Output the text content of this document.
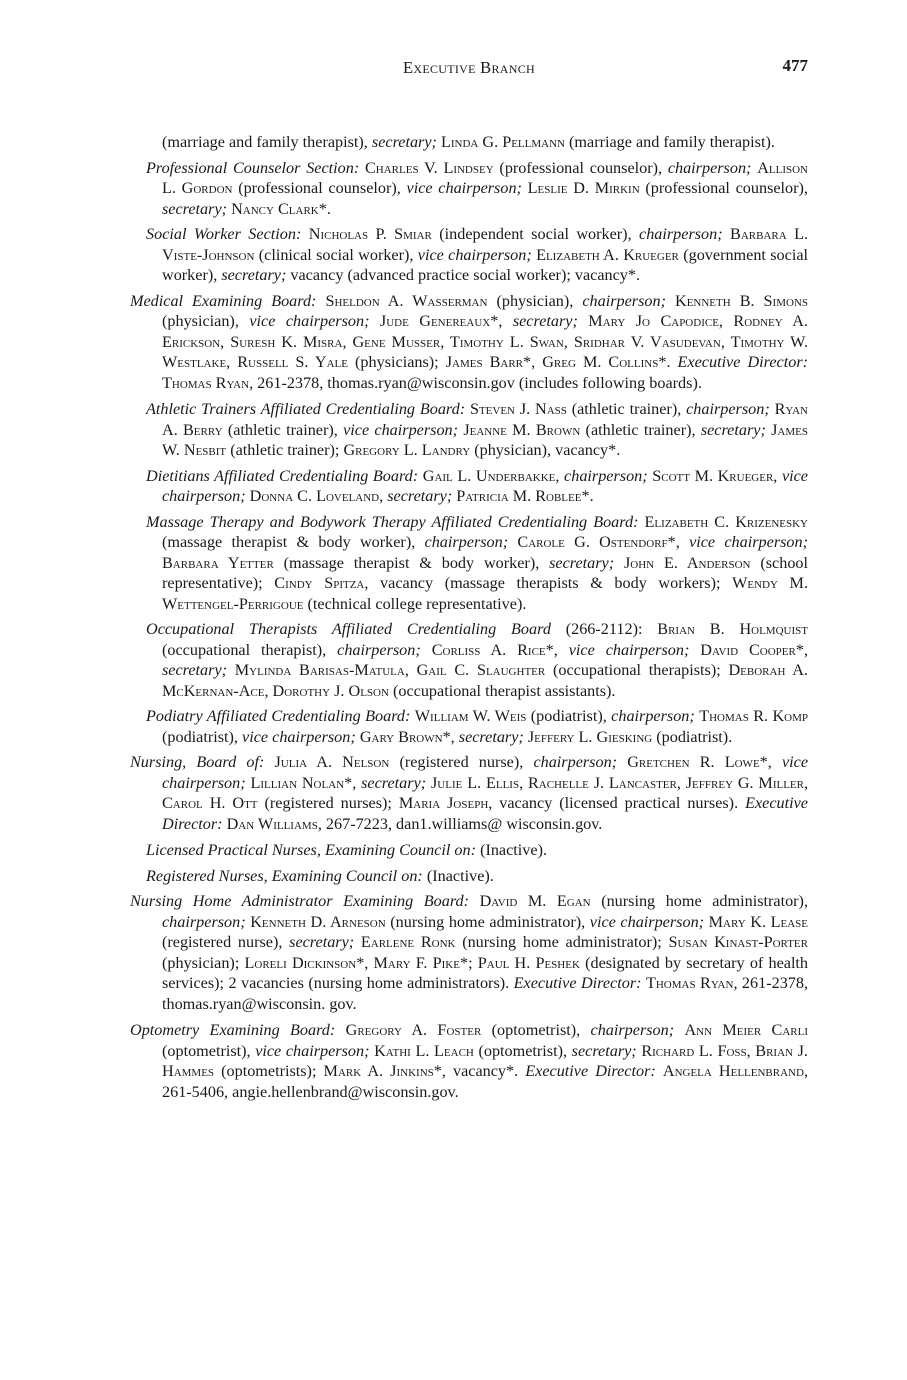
Executive Branch	477

(marriage and family therapist), secretary; Linda G. Pellmann (marriage and family therapist).

Professional Counselor Section: Charles V. Lindsey (professional counselor), chairperson; Allison L. Gordon (professional counselor), vice chairperson; Leslie D. Mirkin (professional counselor), secretary; Nancy Clark*.

Social Worker Section: Nicholas P. Smiar (independent social worker), chairperson; Barbara L. Viste-Johnson (clinical social worker), vice chairperson; Elizabeth A. Krueger (government social worker), secretary; vacancy (advanced practice social worker); vacancy*.

Medical Examining Board: Sheldon A. Wasserman (physician), chairperson; Kenneth B. Simons (physician), vice chairperson; Jude Genereaux*, secretary; Mary Jo Capodice, Rodney A. Erickson, Suresh K. Misra, Gene Musser, Timothy L. Swan, Sridhar V. Vasudevan, Timothy W. Westlake, Russell S. Yale (physicians); James Barr*, Greg M. Collins*. Executive Director: Thomas Ryan, 261-2378, thomas.ryan@wisconsin.gov (includes following boards).

Athletic Trainers Affiliated Credentialing Board: Steven J. Nass (athletic trainer), chairperson; Ryan A. Berry (athletic trainer), vice chairperson; Jeanne M. Brown (athletic trainer), secretary; James W. Nesbit (athletic trainer); Gregory L. Landry (physician), vacancy*.

Dietitians Affiliated Credentialing Board: Gail L. Underbakke, chairperson; Scott M. Krueger, vice chairperson; Donna C. Loveland, secretary; Patricia M. Roblee*.

Massage Therapy and Bodywork Therapy Affiliated Credentialing Board: Elizabeth C. Krizenesky (massage therapist & body worker), chairperson; Carole G. Ostendorf*, vice chairperson; Barbara Yetter (massage therapist & body worker), secretary; John E. Anderson (school representative); Cindy Spitza, vacancy (massage therapists & body workers); Wendy M. Wettengel-Perrigoue (technical college representative).

Occupational Therapists Affiliated Credentialing Board (266-2112): Brian B. Holmquist (occupational therapist), chairperson; Corliss A. Rice*, vice chairperson; David Cooper*, secretary; Mylinda Barisas-Matula, Gail C. Slaughter (occupational therapists); Deborah A. McKernan-Ace, Dorothy J. Olson (occupational therapist assistants).

Podiatry Affiliated Credentialing Board: William W. Weis (podiatrist), chairperson; Thomas R. Komp (podiatrist), vice chairperson; Gary Brown*, secretary; Jeffery L. Giesking (podiatrist).

Nursing, Board of: Julia A. Nelson (registered nurse), chairperson; Gretchen R. Lowe*, vice chairperson; Lillian Nolan*, secretary; Julie L. Ellis, Rachelle J. Lancaster, Jeffrey G. Miller, Carol H. Ott (registered nurses); Maria Joseph, vacancy (licensed practical nurses). Executive Director: Dan Williams, 267-7223, dan1.williams@ wisconsin.gov.

Licensed Practical Nurses, Examining Council on: (Inactive).

Registered Nurses, Examining Council on: (Inactive).

Nursing Home Administrator Examining Board: David M. Egan (nursing home administrator), chairperson; Kenneth D. Arneson (nursing home administrator), vice chairperson; Mary K. Lease (registered nurse), secretary; Earlene Ronk (nursing home administrator); Susan Kinast-Porter (physician); Loreli Dickinson*, Mary F. Pike*; Paul H. Peshek (designated by secretary of health services); 2 vacancies (nursing home administrators). Executive Director: Thomas Ryan, 261-2378, thomas.ryan@wisconsin. gov.

Optometry Examining Board: Gregory A. Foster (optometrist), chairperson; Ann Meier Carli (optometrist), vice chairperson; Kathi L. Leach (optometrist), secretary; Richard L. Foss, Brian J. Hammes (optometrists); Mark A. Jinkins*, vacancy*. Executive Director: Angela Hellenbrand, 261-5406, angie.hellenbrand@wisconsin.gov.
